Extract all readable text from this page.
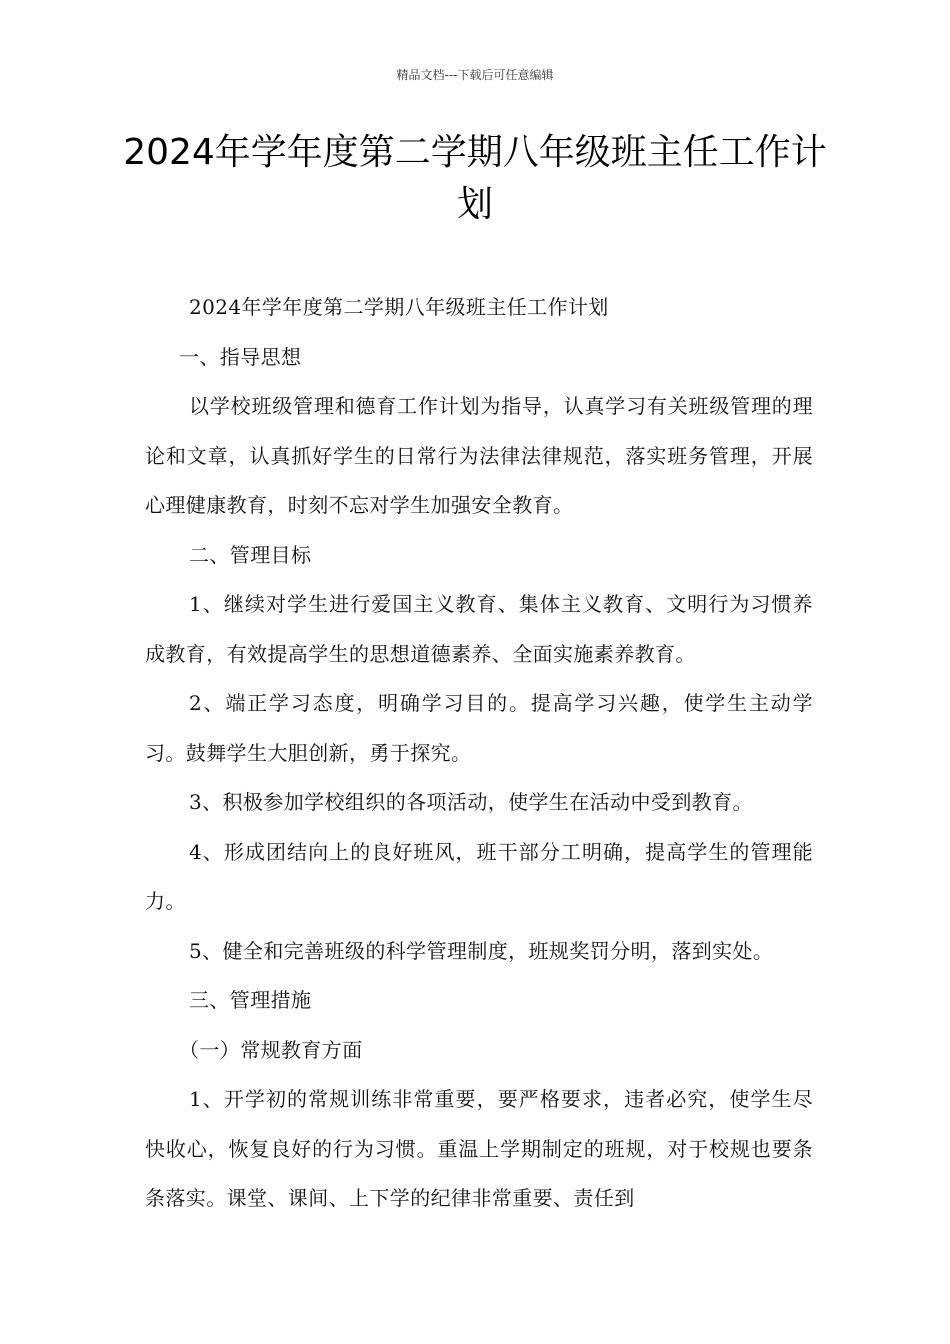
精品文档---下载后可任意编辑
2024年学年度第二学期八年级班主任工作计划

2024年学年度第二学期八年级班主任工作计划

一、指导思想

以学校班级管理和德育工作计划为指导，认真学习有关班级管理的理论和文章，认真抓好学生的日常行为法律法律规范，落实班务管理，开展心理健康教育，时刻不忘对学生加强安全教育。

二、管理目标

1、继续对学生进行爱国主义教育、集体主义教育、文明行为习惯养成教育，有效提高学生的思想道德素养、全面实施素养教育。

2、端正学习态度，明确学习目的。提高学习兴趣，使学生主动学习。鼓舞学生大胆创新，勇于探究。

3、积极参加学校组织的各项活动，使学生在活动中受到教育。

4、形成团结向上的良好班风，班干部分工明确，提高学生的管理能力。

5、健全和完善班级的科学管理制度，班规奖罚分明，落到实处。

三、管理措施

（一）常规教育方面

1、开学初的常规训练非常重要，要严格要求，违者必究，使学生尽快收心，恢复良好的行为习惯。重温上学期制定的班规，对于校规也要条条落实。课堂、课间、上下学的纪律非常重要、责任到
